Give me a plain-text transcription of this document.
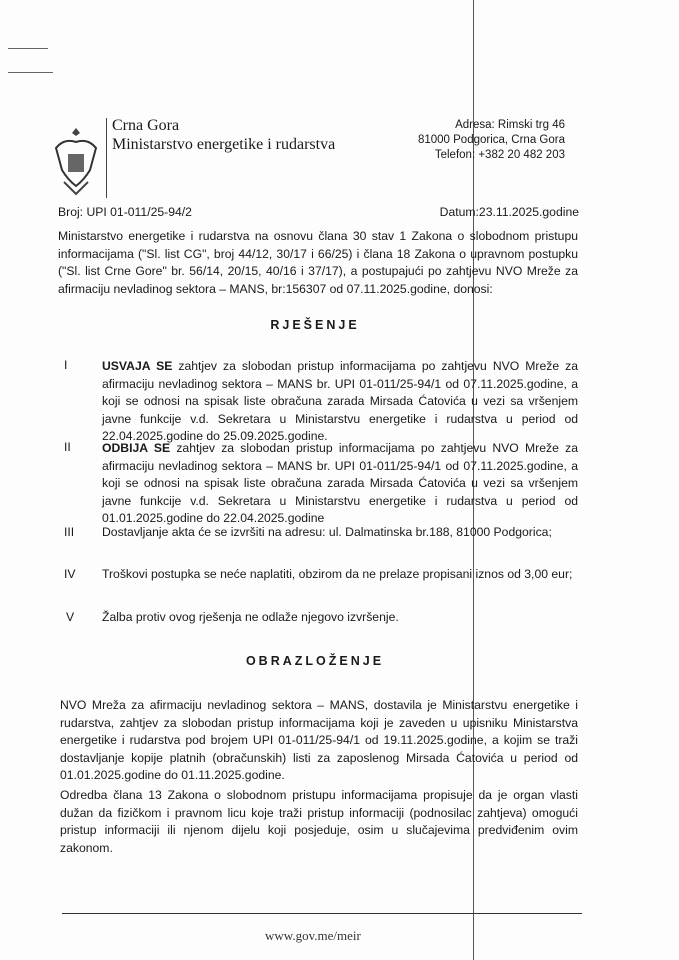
Crna Gora
Ministarstvo energetike i rudarstva
Adresa: Rimski trg 46
81000 Podgorica, Crna Gora
Telefon: +382 20 482 203
Broj: UPI 01-011/25-94/2	Datum:23.11.2025.godine
Ministarstvo energetike i rudarstva na osnovu člana 30 stav 1 Zakona o slobodnom pristupu informacijama ("Sl. list CG", broj 44/12, 30/17 i 66/25) i člana 18 Zakona o upravnom postupku ("Sl. list Crne Gore" br. 56/14, 20/15, 40/16 i 37/17), a postupajući po zahtjevu NVO Mreže za afirmaciju nevladinog sektora – MANS, br:156307 od 07.11.2025.godine, donosi:
RJEŠENJE
I	USVAJA SE zahtjev za slobodan pristup informacijama po zahtjevu NVO Mreže za afirmaciju nevladinog sektora – MANS br. UPI 01-011/25-94/1 od 07.11.2025.godine, a koji se odnosi na spisak liste obračuna zarada Mirsada Ćatovića u vezi sa vršenjem javne funkcije v.d. Sekretara u Ministarstvu energetike i rudarstva u period od 22.04.2025.godine do 25.09.2025.godine.
II	ODBIJA SE zahtjev za slobodan pristup informacijama po zahtjevu NVO Mreže za afirmaciju nevladinog sektora – MANS br. UPI 01-011/25-94/1 od 07.11.2025.godine, a koji se odnosi na spisak liste obračuna zarada Mirsada Ćatovića u vezi sa vršenjem javne funkcije v.d. Sekretara u Ministarstvu energetike i rudarstva u period od 01.01.2025.godine do 22.04.2025.godine
III	Dostavljanje akta će se izvršiti na adresu: ul. Dalmatinska br.188, 81000 Podgorica;
IV	Troškovi postupka se neće naplatiti, obzirom da ne prelaze propisani iznos od 3,00 eur;
V	Žalba protiv ovog rješenja ne odlaže njegovo izvršenje.
OBRAZLOŽENJE
NVO Mreža za afirmaciju nevladinog sektora – MANS, dostavila je Ministarstvu energetike i rudarstva, zahtjev za slobodan pristup informacijama koji je zaveden u upisniku Ministarstva energetike i rudarstva pod brojem UPI 01-011/25-94/1 od 19.11.2025.godine, a kojim se traži dostavljanje kopije platnih (obračunskih) listi za zaposlenog Mirsada Ćatovića u period od 01.01.2025.godine do 01.11.2025.godine.
Odredba člana 13 Zakona o slobodnom pristupu informacijama propisuje da je organ vlasti dužan da fizičkom i pravnom licu koje traži pristup informaciji (podnosilac zahtjeva) omogući pristup informaciji ili njenom dijelu koji posjeduje, osim u slučajevima predviđenim ovim zakonom.
www.gov.me/meir
